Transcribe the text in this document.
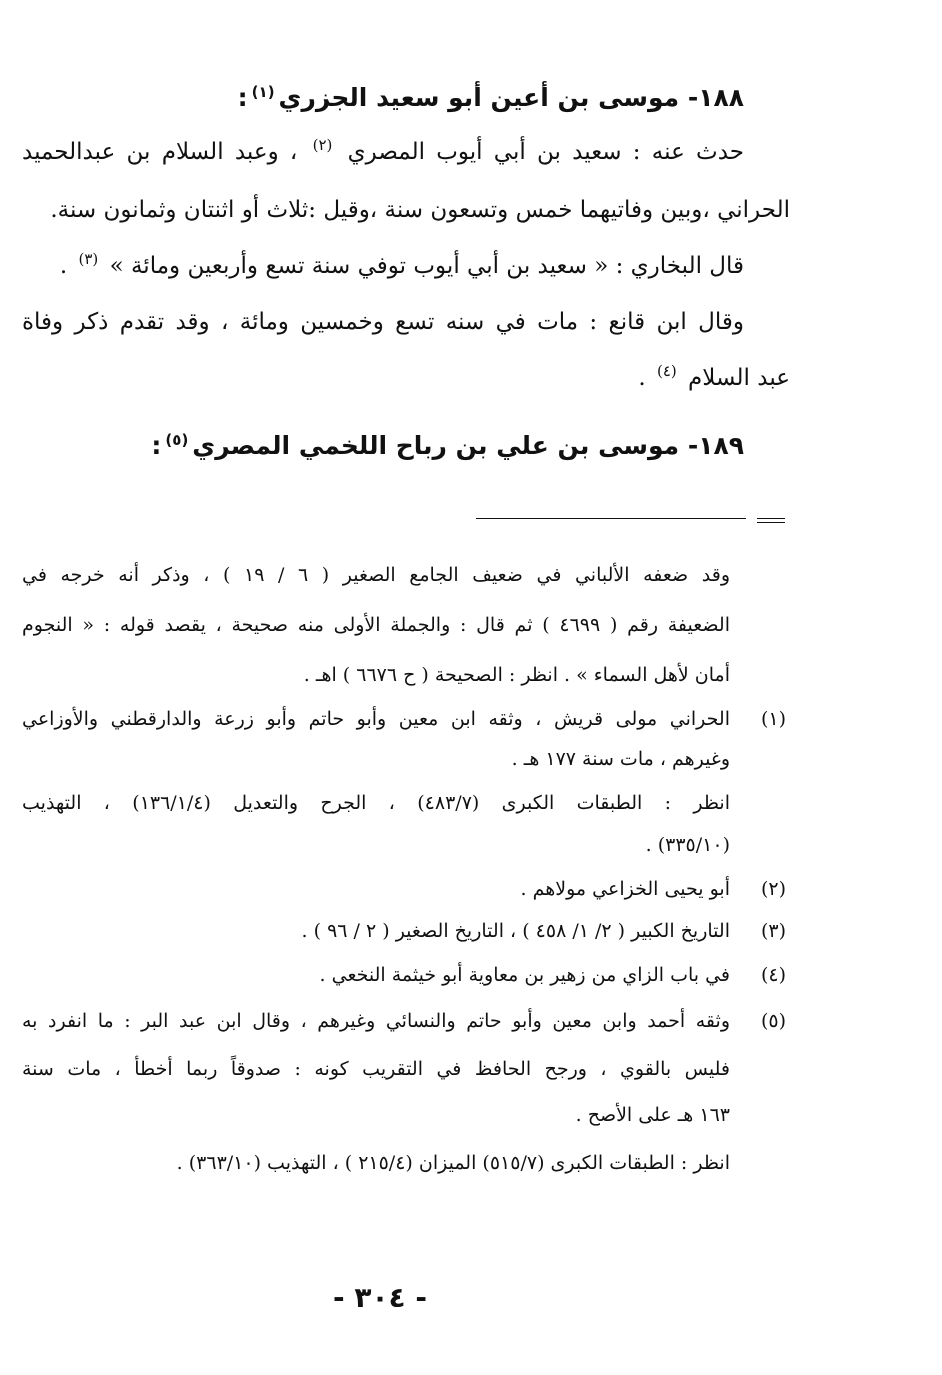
١٨٨- موسى بن أعين أبو سعيد الجزري$^{(١)}$:
حدث عنه : سعيد بن أبي أيوب المصري $^{(٢)}$ ، وعبد السلام بن عبدالحميد
الحراني ،وبين وفاتيهما خمس وتسعون سنة ،وقيل :ثلاث أو اثنتان وثمانون سنة.
قال البخاري : « سعيد بن أبي أيوب توفي سنة تسع وأربعين ومائة » $^{(٣)}$ .
وقال ابن قانع : مات في سنه تسع وخمسين ومائة ، وقد تقدم ذكر وفاة
عبد السلام $^{(٤)}$ .
١٨٩- موسى بن علي بن رباح اللخمي المصري$^{(٥)}$:
وقد ضعفه الألباني في ضعيف الجامع الصغير ( ٦ / ١٩ ) ، وذكر أنه خرجه في
الضعيفة رقم ( ٤٦٩٩ ) ثم قال : والجملة الأولى منه صحيحة ، يقصد قوله : « النجوم
أمان لأهل السماء » . انظر : الصحيحة ( ح ٦٦٧٦ ) اهـ .
(١)
الحراني مولى قريش ، وثقه ابن معين وأبو حاتم وأبو زرعة والدارقطني والأوزاعي
وغيرهم ، مات سنة ١٧٧ هـ .
انظر : الطبقات الكبرى (٤٨٣/٧) ، الجرح والتعديل (١٣٦/١/٤) ، التهذيب
(٣٣٥/١٠) .
(٢)
أبو يحيى الخزاعي مولاهم .
(٣)
التاريخ الكبير ( ٢/ ١/ ٤٥٨ ) ، التاريخ الصغير ( ٢ / ٩٦ ) .
(٤)
في باب الزاي من زهير بن معاوية أبو خيثمة النخعي .
(٥)
وثقه أحمد وابن معين وأبو حاتم والنسائي وغيرهم ، وقال ابن عبد البر : ما انفرد به
فليس بالقوي ، ورجح الحافظ في التقريب كونه : صدوقاً ربما أخطأ ، مات سنة
١٦٣ هـ على الأصح .
انظر : الطبقات الكبرى (٥١٥/٧) الميزان (٢١٥/٤ ) ، التهذيب (٣٦٣/١٠) .
- ٣٠٤ -
